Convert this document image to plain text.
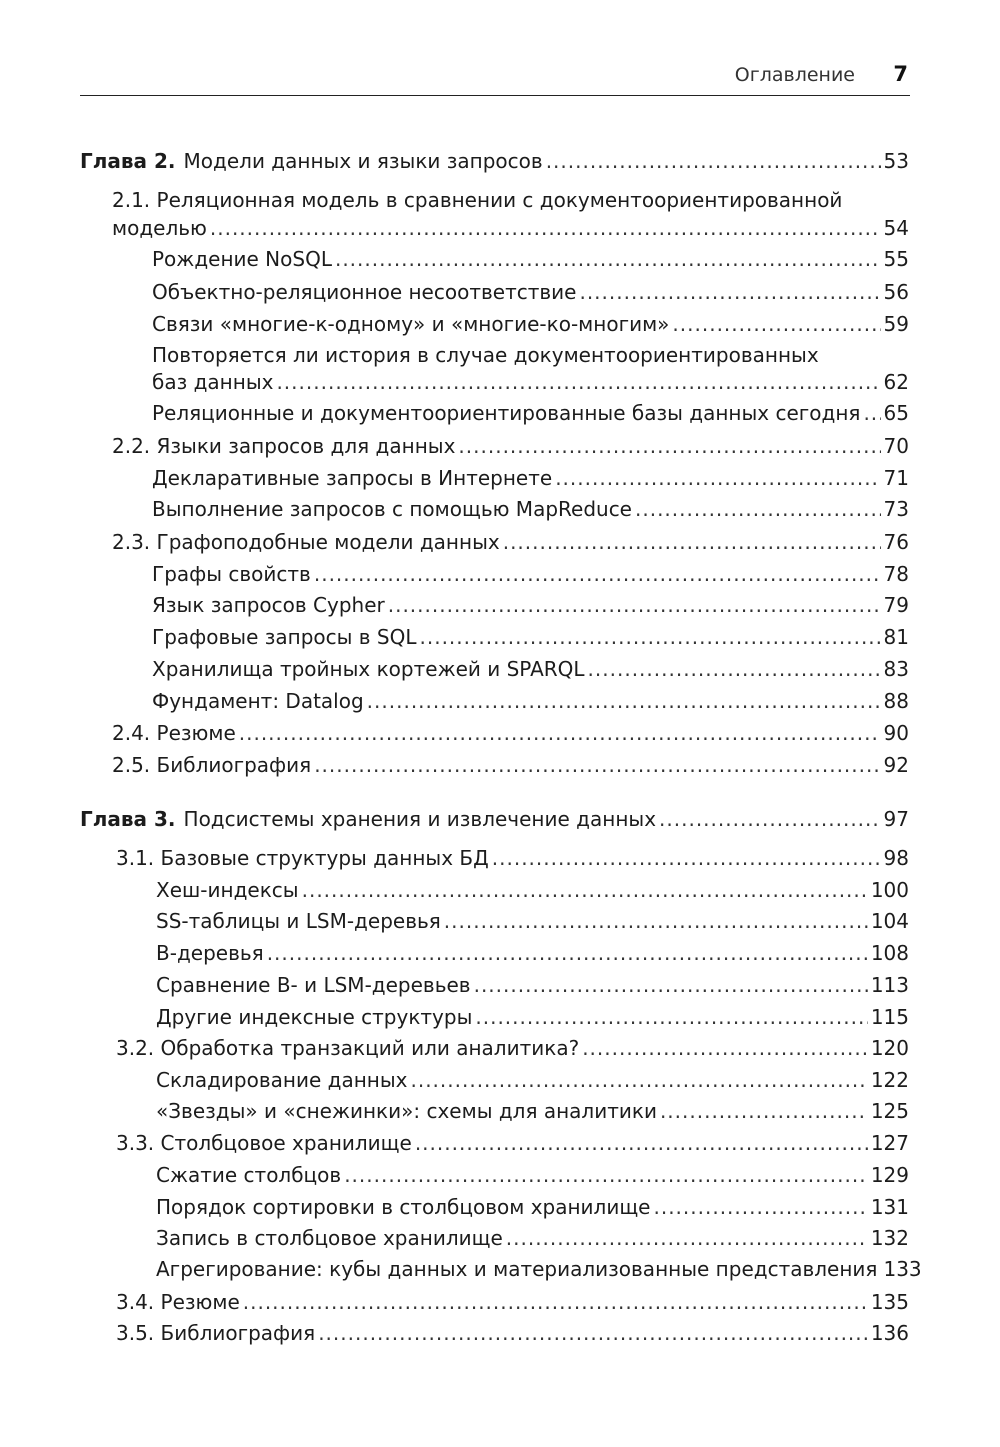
Оглавление 7
Глава 2. Модели данных и языки запросов .....	53
2.1. Реляционная модель в сравнении с документоориентированной
моделью .....	54
Рождение NoSQL .....	55
Объектно-реляционное несоответствие .....	56
Связи «многие-к-одному» и «многие-ко-многим» .....	59
Повторяется ли история в случае документоориентированных
баз данных .....	62
Реляционные и документоориентированные базы данных сегодня ..... 65
2.2. Языки запросов для данных .....	70
Декларативные запросы в Интернете .....	71
Выполнение запросов с помощью MapReduce .....	73
2.3. Графоподобные модели данных .....	76
Графы свойств .....	78
Язык запросов Cypher .....	79
Графовые запросы в SQL .....	81
Хранилища тройных кортежей и SPARQL .....	83
Фундамент: Datalog .....	88
2.4. Резюме .....	90
2.5. Библиография .....	92
Глава 3. Подсистемы хранения и извлечение данных .....	97
3.1. Базовые структуры данных БД .....	98
Хеш-индексы .....	100
SS-таблицы и LSM-деревья .....	104
B-деревья .....	108
Сравнение B- и LSM-деревьев .....	113
Другие индексные структуры .....	115
3.2. Обработка транзакций или аналитика? .....	120
Складирование данных .....	122
«Звезды» и «снежинки»: схемы для аналитики .....	125
3.3. Столбцовое хранилище .....	127
Сжатие столбцов .....	129
Порядок сортировки в столбцовом хранилище .....	131
Запись в столбцовое хранилище .....	132
Агрегирование: кубы данных и материализованные представления 133
3.4. Резюме .....	135
3.5. Библиография .....	136
